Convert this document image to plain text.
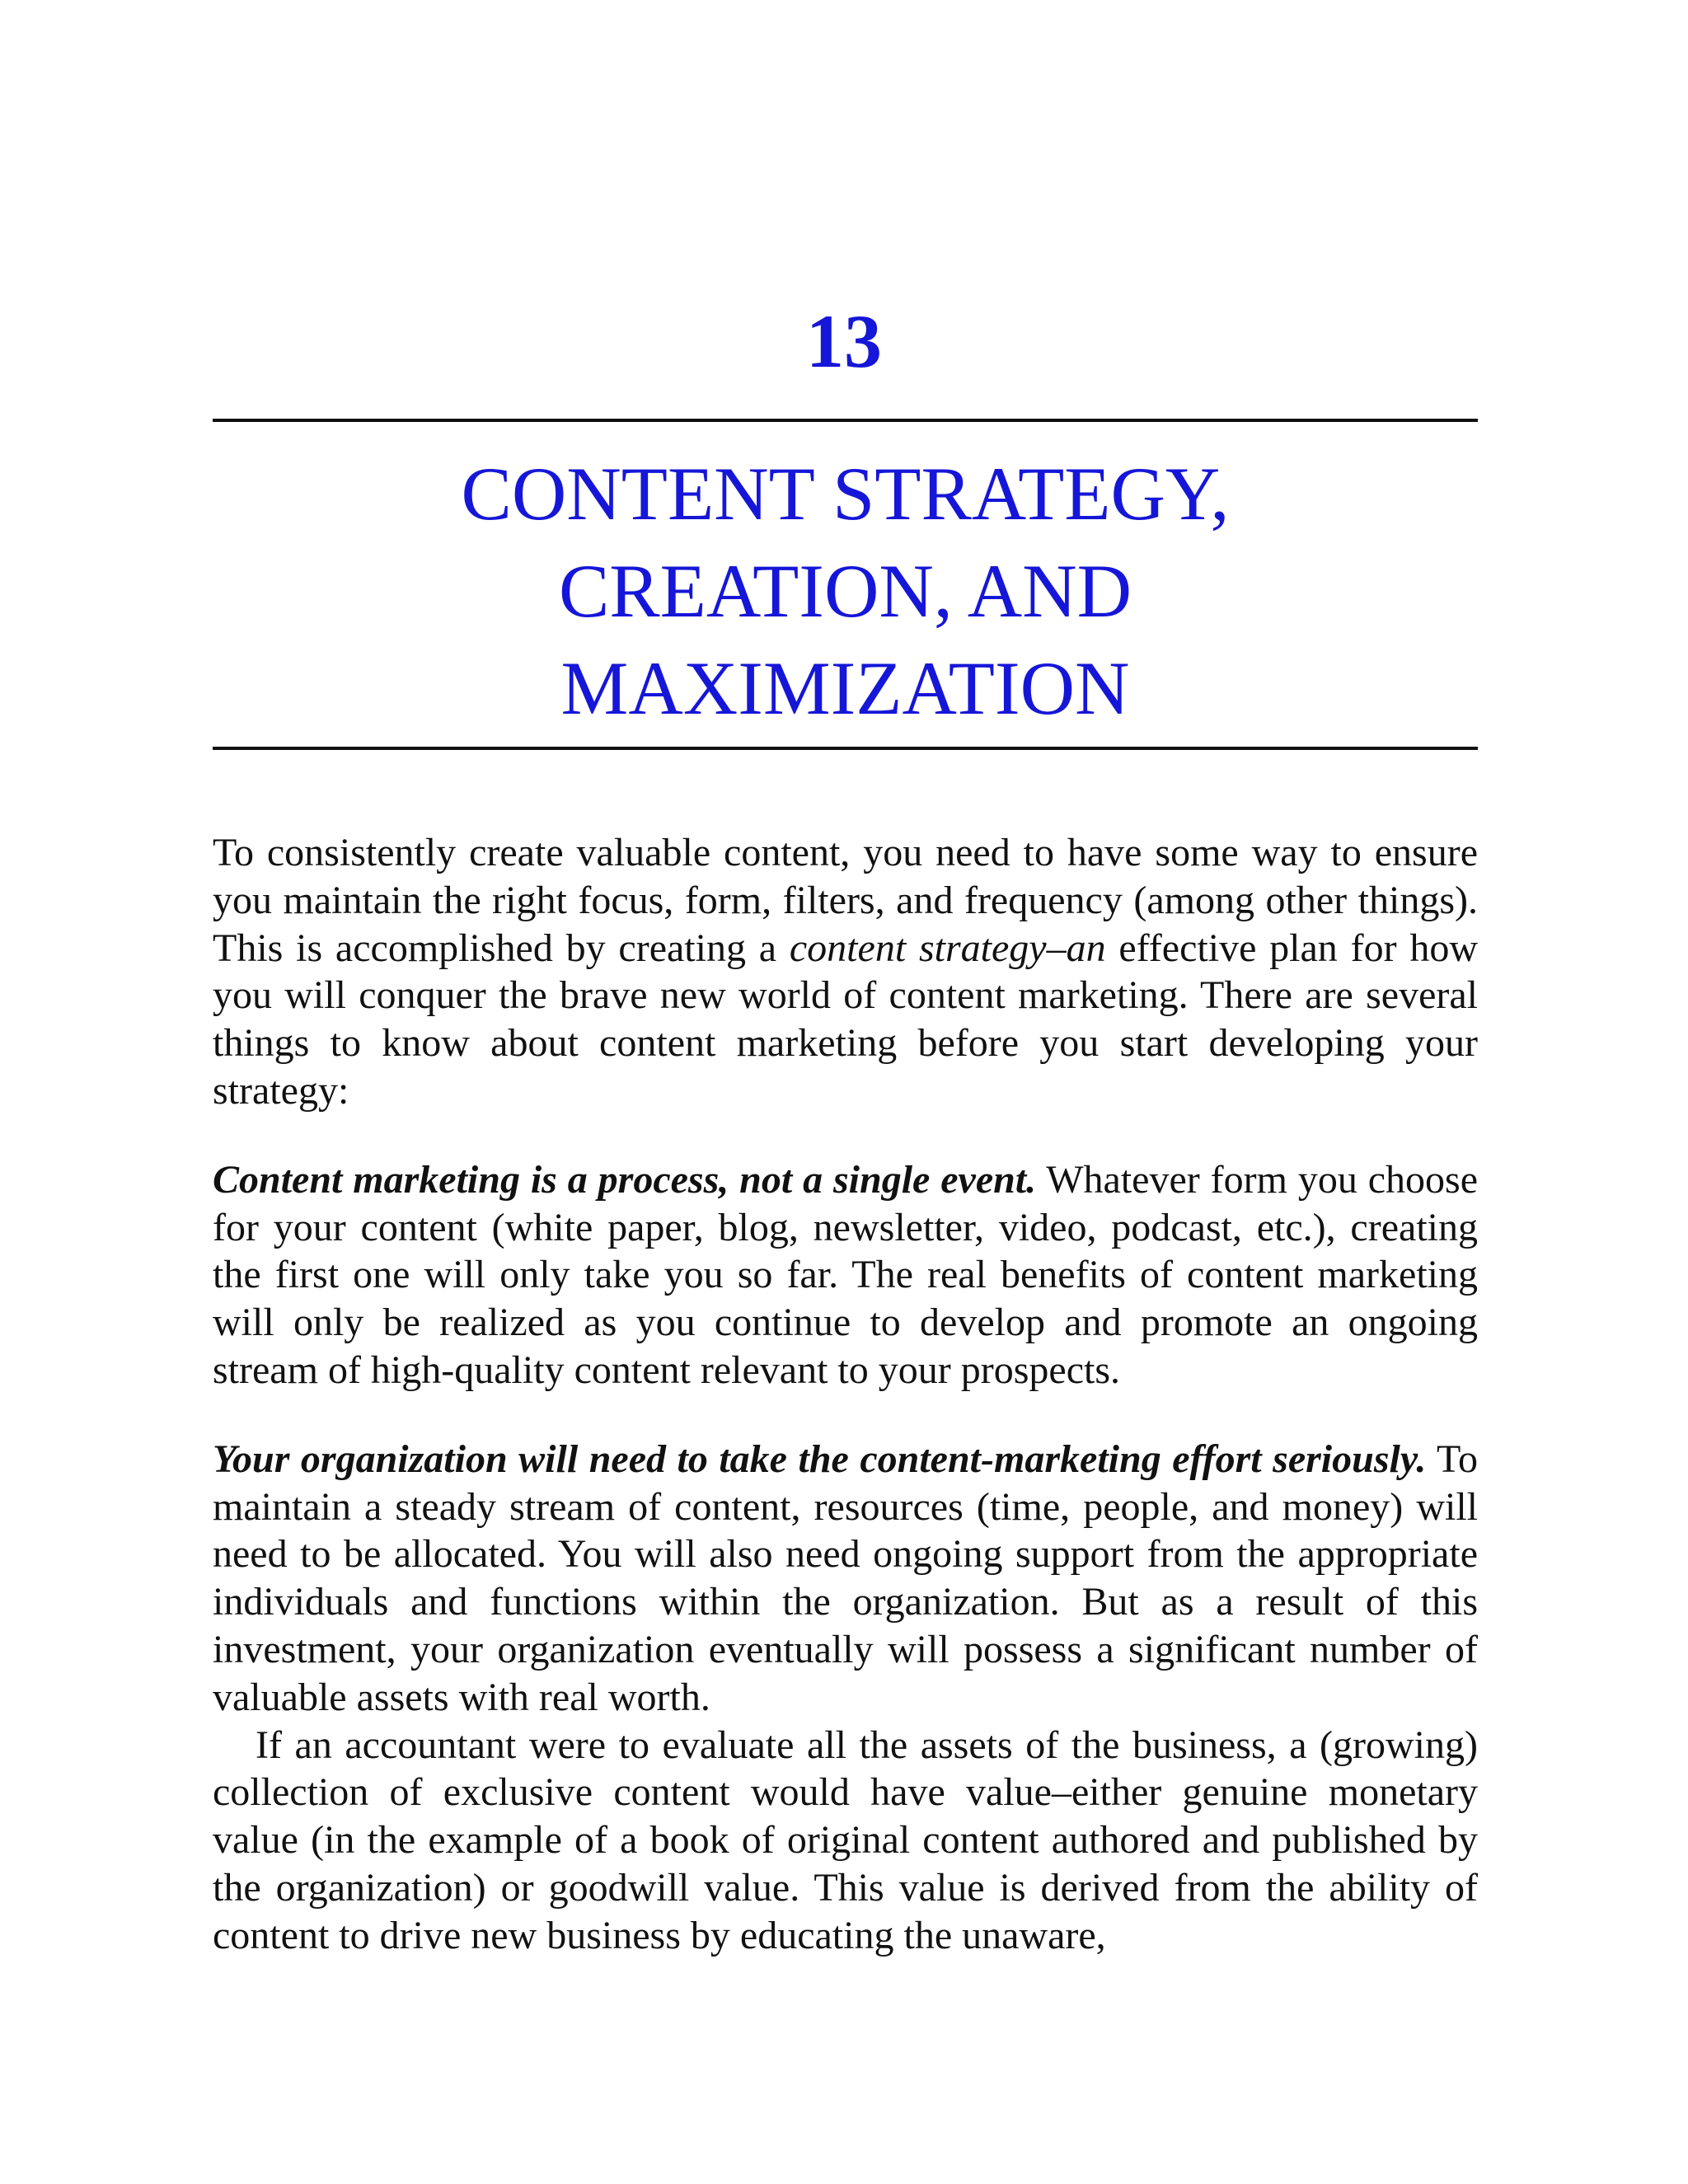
13
CONTENT STRATEGY,
CREATION, AND
MAXIMIZATION

To consistently create valuable content, you need to have some way to ensure you maintain the right focus, form, filters, and frequency (among other things). This is accomplished by creating a content strategy–an effective plan for how you will conquer the brave new world of content marketing. There are several things to know about content marketing before you start developing your strategy:

Content marketing is a process, not a single event. Whatever form you choose for your content (white paper, blog, newsletter, video, podcast, etc.), creating the first one will only take you so far. The real benefits of content marketing will only be realized as you continue to develop and promote an ongoing stream of high-quality content relevant to your prospects.

Your organization will need to take the content-marketing effort seriously. To maintain a steady stream of content, resources (time, people, and money) will need to be allocated. You will also need ongoing support from the appropriate individuals and functions within the organization. But as a result of this investment, your organization eventually will possess a significant number of valuable assets with real worth.

If an accountant were to evaluate all the assets of the business, a (growing) collection of exclusive content would have value–either genuine monetary value (in the example of a book of original content authored and published by the organization) or goodwill value. This value is derived from the ability of content to drive new business by educating the unaware,
